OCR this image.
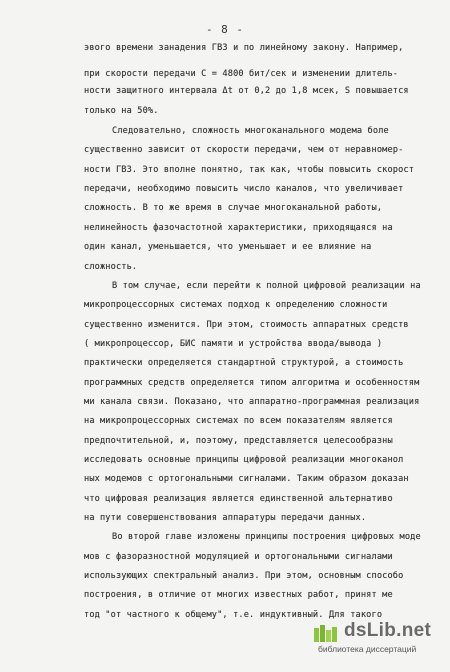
- 8 -
эвого времени занадения ГВЗ и по линейному закону. Например,
при скорости передачи С = 4800 бит/сек и изменении длитель-
ности защитного интервала Δt от 0,2 до 1,8 мсек, S повышается
только на 50%.
Следовательно, сложность многоканального модема боле
существенно зависит от скорости передачи, чем от неравномер-
ности ГВЗ. Это вполне понятно, так как, чтобы повысить скорост
передачи, необходимо повысить число каналов, что увеличивает
сложность. В то же время в случае многоканальной работы,
нелинейность фазочастотной характеристики, приходящаяся на
один канал, уменьшается, что уменьшает и ее влияние на
сложность.
В том случае, если перейти к полной цифровой реализации на
микропроцессорных системах подход к определению сложности
существенно изменится. При этом, стоимость аппаратных средств
( микропроцессор, БИС памяти и устройства ввода/вывода )
практически определяется стандартной структурой, а стоимость
программных средств определяется типом алгоритма и особенностям
ми канала связи. Показано, что аппаратно-программная реализация
на микропроцессорных системах по всем показателям является
предпочтительной, и, поэтому, представляется целесообразны
исследовать основные принципы цифровой реализации многоканол
ных модемов с ортогональными сигналами. Таким образом доказан
что цифровая реализация является единственной альтернативо
на пути совершенствования аппаратуры передачи данных.
Во второй главе изложены принципы построения цифровых моде
мов с фазоразностной модуляцией и ортогональными сигналами
использующих спектральный анализ. При этом, основным способо
построения, в отличие от многих известных работ, принят ме
тод "от частного к общему", т.е. индуктивный. Для такого
dsLib.net
библиотека диссертаций
